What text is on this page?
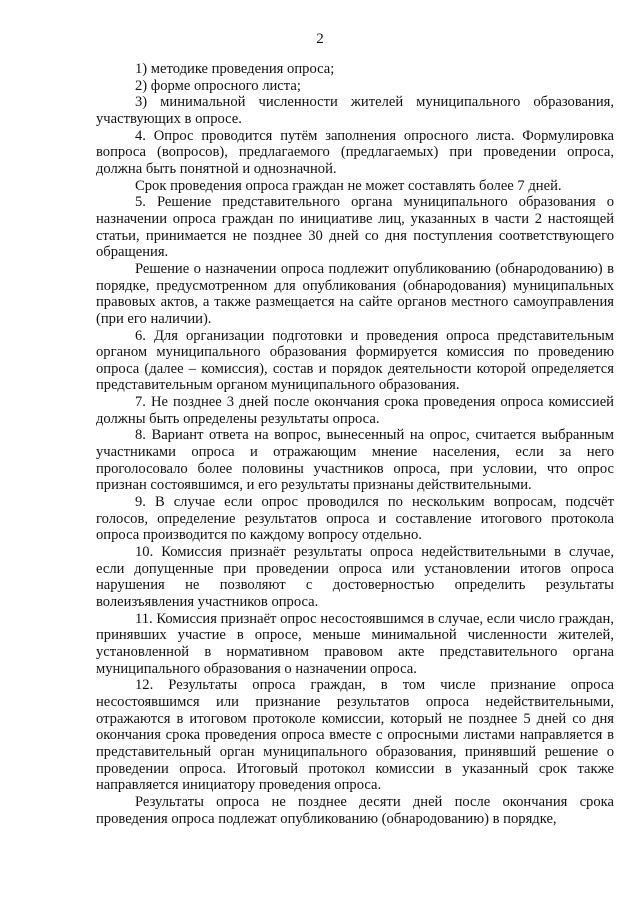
2

1) методике проведения опроса;

2) форме опросного листа;

3) минимальной численности жителей муниципального образования, участвующих в опросе.

4. Опрос проводится путём заполнения опросного листа. Формулировка вопроса (вопросов), предлагаемого (предлагаемых) при проведении опроса, должна быть понятной и однозначной.

Срок проведения опроса граждан не может составлять более 7 дней.

5. Решение представительного органа муниципального образования о назначении опроса граждан по инициативе лиц, указанных в части 2 настоящей статьи, принимается не позднее 30 дней со дня поступления соответствующего обращения.

Решение о назначении опроса подлежит опубликованию (обнародованию) в порядке, предусмотренном для опубликования (обнародования) муниципальных правовых актов, а также размещается на сайте органов местного самоуправления (при его наличии).

6. Для организации подготовки и проведения опроса представительным органом муниципального образования формируется комиссия по проведению опроса (далее – комиссия), состав и порядок деятельности которой определяется представительным органом муниципального образования.

7. Не позднее 3 дней после окончания срока проведения опроса комиссией должны быть определены результаты опроса.

8. Вариант ответа на вопрос, вынесенный на опрос, считается выбранным участниками опроса и отражающим мнение населения, если за него проголосовало более половины участников опроса, при условии, что опрос признан состоявшимся, и его результаты признаны действительными.

9. В случае если опрос проводился по нескольким вопросам, подсчёт голосов, определение результатов опроса и составление итогового протокола опроса производится по каждому вопросу отдельно.

10. Комиссия признаёт результаты опроса недействительными в случае, если допущенные при проведении опроса или установлении итогов опроса нарушения не позволяют с достоверностью определить результаты волеизъявления участников опроса.

11. Комиссия признаёт опрос несостоявшимся в случае, если число граждан, принявших участие в опросе, меньше минимальной численности жителей, установленной в нормативном правовом акте представительного органа муниципального образования о назначении опроса.

12. Результаты опроса граждан, в том числе признание опроса несостоявшимся или признание результатов опроса недействительными, отражаются в итоговом протоколе комиссии, который не позднее 5 дней со дня окончания срока проведения опроса вместе с опросными листами направляется в представительный орган муниципального образования, принявший решение о проведении опроса. Итоговый протокол комиссии в указанный срок также направляется инициатору проведения опроса.

Результаты опроса не позднее десяти дней после окончания срока проведения опроса подлежат опубликованию (обнародованию) в порядке,
